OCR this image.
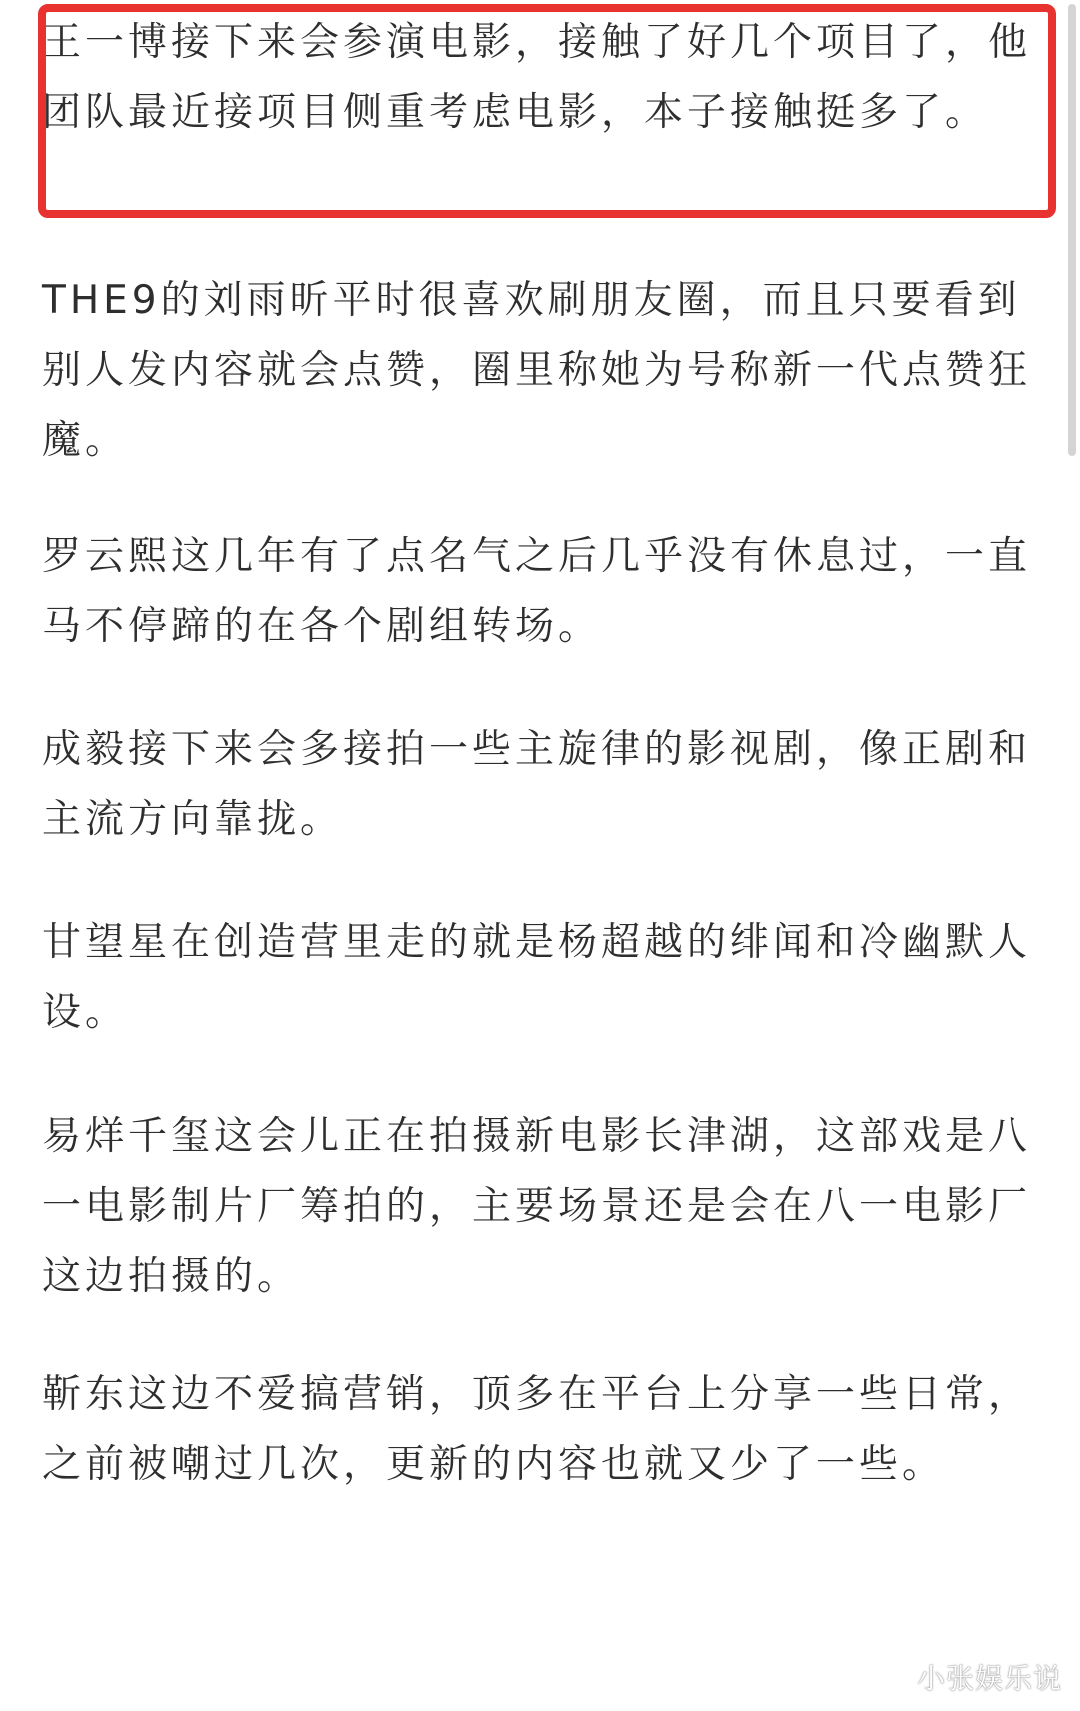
王一博接下来会参演电影，接触了好几个项目了，他团队最近接项目侧重考虑电影，本子接触挺多了。

THE9的刘雨昕平时很喜欢刷朋友圈，而且只要看到别人发内容就会点赞，圈里称她为号称新一代点赞狂魔。

罗云熙这几年有了点名气之后几乎没有休息过，一直马不停蹄的在各个剧组转场。

成毅接下来会多接拍一些主旋律的影视剧，像正剧和主流方向靠拢。

甘望星在创造营里走的就是杨超越的绯闻和冷幽默人设。

易烊千玺这会儿正在拍摄新电影长津湖，这部戏是八一电影制片厂筹拍的，主要场景还是会在八一电影厂这边拍摄的。

靳东这边不爱搞营销，顶多在平台上分享一些日常，之前被嘲过几次，更新的内容也就又少了一些。

小张娱乐说
